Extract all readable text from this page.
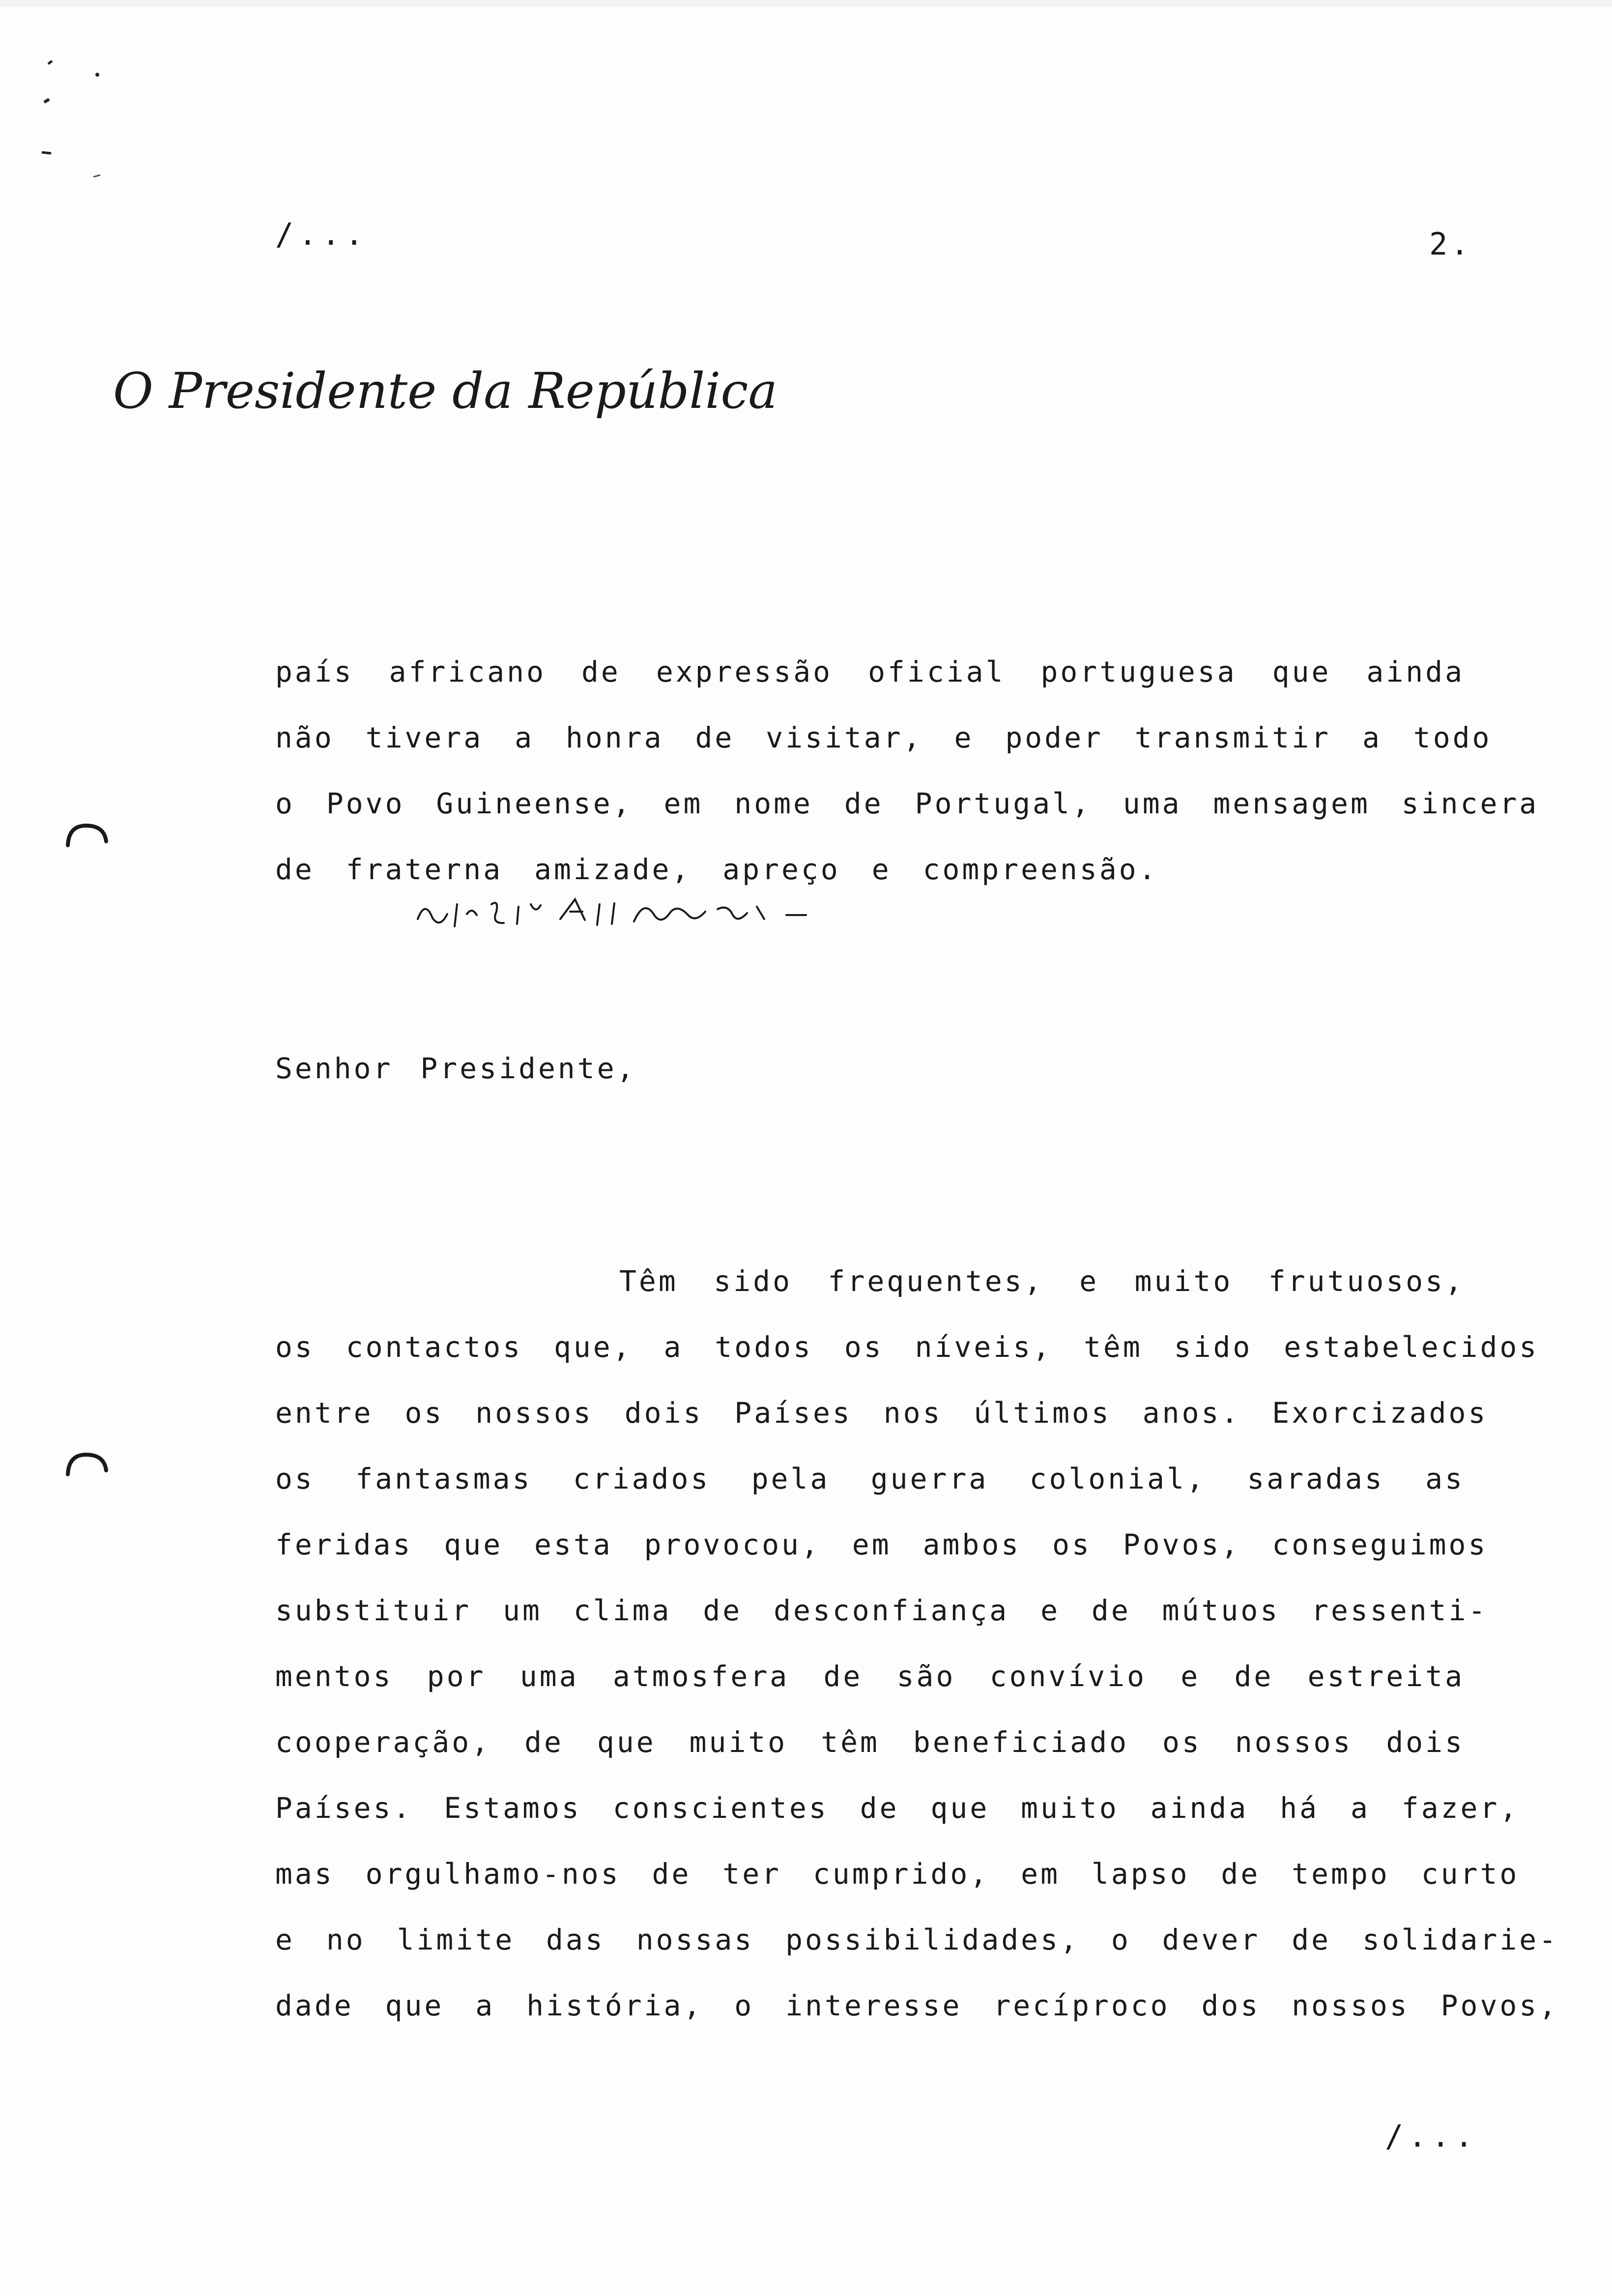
/...	2.
O Presidente da República
país africano de expressão oficial portuguesa que ainda
não tivera a honra de visitar, e poder transmitir a todo
o Povo Guineense, em nome de Portugal, uma mensagem sincera
de fraterna amizade, apreço e compreensão.
Bo.} º ]ᶜ ᶜ A ' Almeida
Senhor Presidente,
Têm sido frequentes, e muito frutuosos,
os contactos que, a todos os níveis, têm sido estabelecidos
entre os nossos dois Países nos últimos anos. Exorcizados
os fantasmas criados pela guerra colonial, saradas as
feridas que esta provocou, em ambos os Povos, conseguimos
substituir um clima de desconfiança e de mútuos ressenti-
mentos por uma atmosfera de são convívio e de estreita
cooperação, de que muito têm beneficiado os nossos dois
Países. Estamos conscientes de que muito ainda há a fazer,
mas orgulhamo-nos de ter cumprido, em lapso de tempo curto
e no limite das nossas possibilidades, o dever de solidarie-
dade que a história, o interesse recíproco dos nossos Povos,
/...
